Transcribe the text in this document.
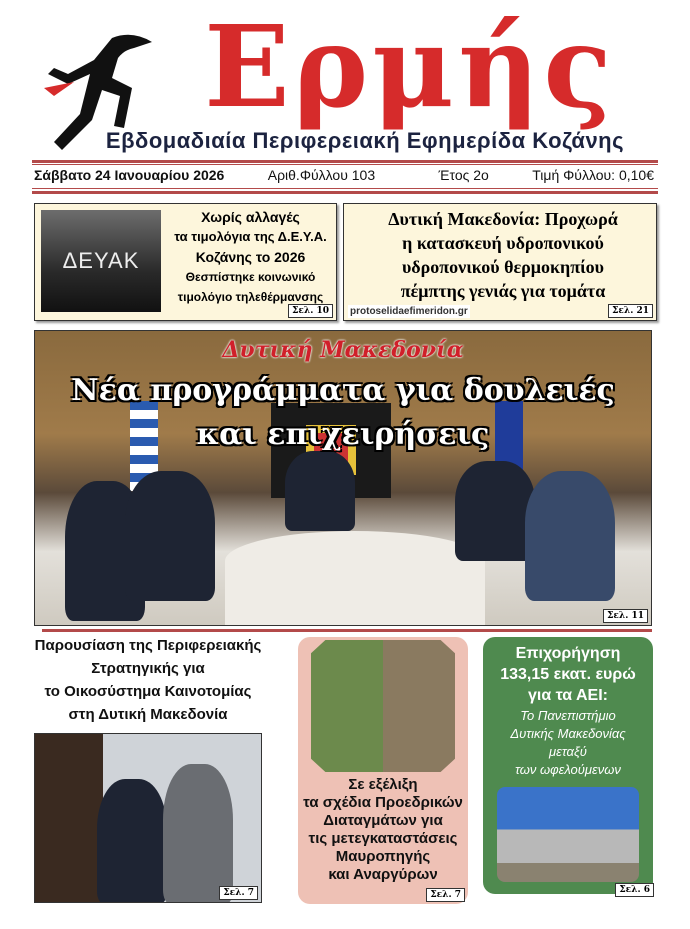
Ερμής
Εβδομαδιαία Περιφερειακή Εφημερίδα Κοζάνης
Σάββατο 24 Ιανουαρίου 2026	Αριθ.Φύλλου 103	Έτος 2ο	Τιμή Φύλλου: 0,10€
ΔΕΥΑΚ
Χωρίς αλλαγές
τα τιμολόγια της Δ.Ε.Υ.Α.
Κοζάνης το 2026
Θεσπίστηκε κοινωνικό
τιμολόγιο τηλεθέρμανσης
Σελ. 10
Δυτική Μακεδονία: Προχωρά
η κατασκευή υδροπονικού
υδροπονικού θερμοκηπίου
πέμπτης γενιάς για τομάτα
protoselidaefimeridon.gr	Σελ. 21
Δυτική Μακεδονία
Νέα προγράμματα για δουλειές
και επιχειρήσεις
Σελ. 11
Παρουσίαση της Περιφερειακής
Στρατηγικής για
το Οικοσύστημα Καινοτομίας
στη Δυτική Μακεδονία
Σελ. 7
Σε εξέλιξη
τα σχέδια Προεδρικών
Διαταγμάτων για
τις μετεγκαταστάσεις
Μαυροπηγής
και Αναργύρων
Σελ. 7
Επιχορήγηση
133,15 εκατ. ευρώ
για τα ΑΕΙ:
Το Πανεπιστήμιο
Δυτικής Μακεδονίας
μεταξύ
των ωφελούμενων
Σελ. 6
